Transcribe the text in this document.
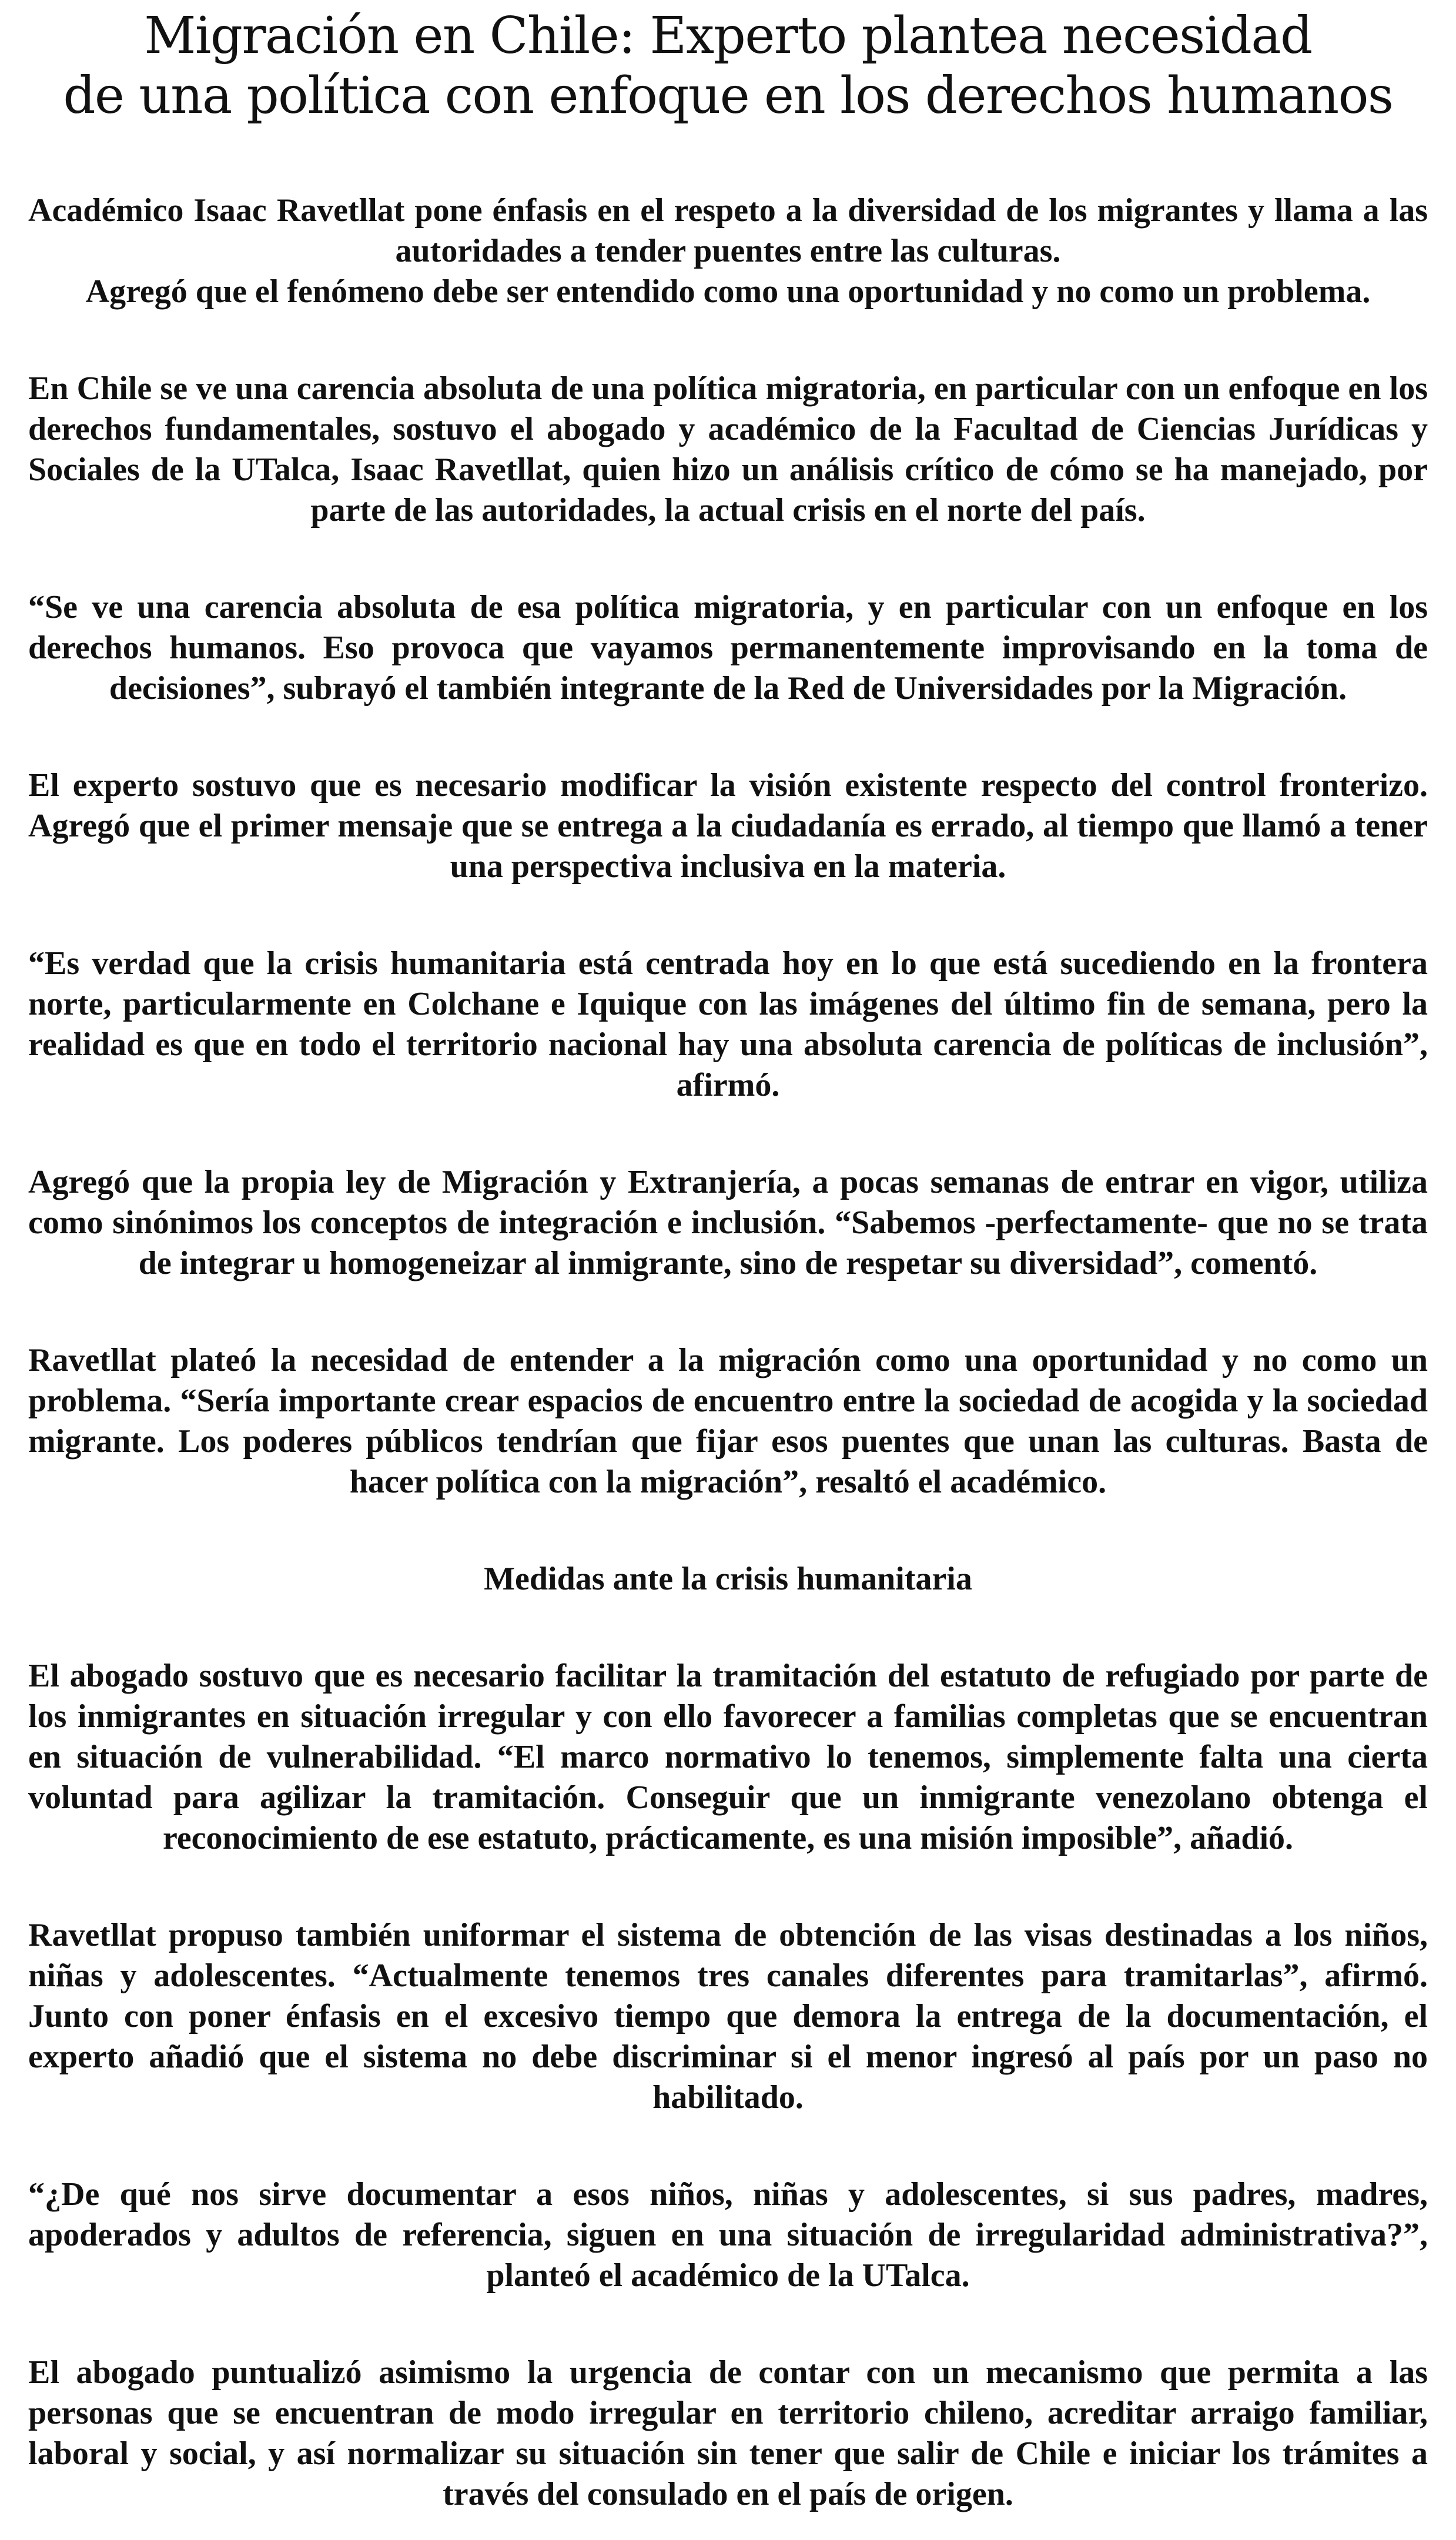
Migración en Chile: Experto plantea necesidad
de una política con enfoque en los derechos humanos

Académico Isaac Ravetllat pone énfasis en el respeto a la diversidad de los migrantes y llama a las autoridades a tender puentes entre las culturas.

Agregó que el fenómeno debe ser entendido como una oportunidad y no como un problema.

En Chile se ve una carencia absoluta de una política migratoria, en particular con un enfoque en los derechos fundamentales, sostuvo el abogado y académico de la Facultad de Ciencias Jurídicas y Sociales de la UTalca, Isaac Ravetllat, quien hizo un análisis crítico de cómo se ha manejado, por parte de las autoridades, la actual crisis en el norte del país.

“Se ve una carencia absoluta de esa política migratoria, y en particular con un enfoque en los derechos humanos. Eso provoca que vayamos permanentemente improvisando en la toma de decisiones”, subrayó el también integrante de la Red de Universidades por la Migración.

El experto sostuvo que es necesario modificar la visión existente respecto del control fronterizo. Agregó que el primer mensaje que se entrega a la ciudadanía es errado, al tiempo que llamó a tener una perspectiva inclusiva en la materia.

“Es verdad que la crisis humanitaria está centrada hoy en lo que está sucediendo en la frontera norte, particularmente en Colchane e Iquique con las imágenes del último fin de semana, pero la realidad es que en todo el territorio nacional hay una absoluta carencia de políticas de inclusión”, afirmó.

Agregó que la propia ley de Migración y Extranjería, a pocas semanas de entrar en vigor, utiliza como sinónimos los conceptos de integración e inclusión. “Sabemos -perfectamente- que no se trata de integrar u homogeneizar al inmigrante, sino de respetar su diversidad”, comentó.

Ravetllat plateó la necesidad de entender a la migración como una oportunidad y no como un problema. “Sería importante crear espacios de encuentro entre la sociedad de acogida y la sociedad migrante. Los poderes públicos tendrían que fijar esos puentes que unan las culturas. Basta de hacer política con la migración”, resaltó el académico.

Medidas ante la crisis humanitaria

El abogado sostuvo que es necesario facilitar la tramitación del estatuto de refugiado por parte de los inmigrantes en situación irregular y con ello favorecer a familias completas que se encuentran en situación de vulnerabilidad. “El marco normativo lo tenemos, simplemente falta una cierta voluntad para agilizar la tramitación. Conseguir que un inmigrante venezolano obtenga el reconocimiento de ese estatuto, prácticamente, es una misión imposible”, añadió.

Ravetllat propuso también uniformar el sistema de obtención de las visas destinadas a los niños, niñas y adolescentes. “Actualmente tenemos tres canales diferentes para tramitarlas”, afirmó. Junto con poner énfasis en el excesivo tiempo que demora la entrega de la documentación, el experto añadió que el sistema no debe discriminar si el menor ingresó al país por un paso no habilitado.

“¿De qué nos sirve documentar a esos niños, niñas y adolescentes, si sus padres, madres, apoderados y adultos de referencia, siguen en una situación de irregularidad administrativa?”, planteó el académico de la UTalca.

El abogado puntualizó asimismo la urgencia de contar con un mecanismo que permita a las personas que se encuentran de modo irregular en territorio chileno, acreditar arraigo familiar, laboral y social, y así normalizar su situación sin tener que salir de Chile e iniciar los trámites a través del consulado en el país de origen.
